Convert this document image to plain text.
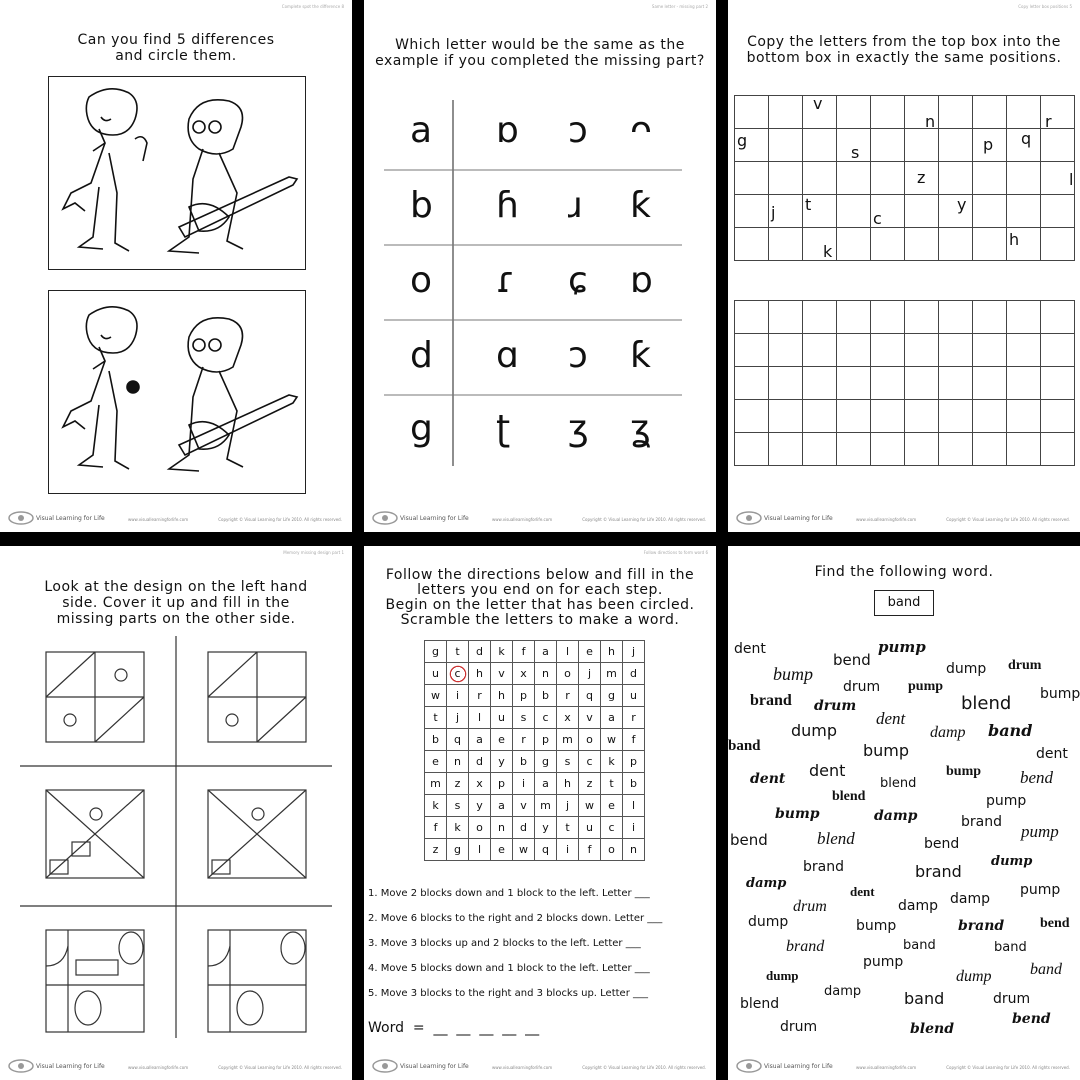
Complete spot the difference 8
Can you find 5 differences
and circle them.
Visual Learning for Life	www.visuallearningforlife.com	Copyright © Visual Learning for Life 2010. All rights reserved.
Same letter - missing part 2
Which letter would be the same as the
example if you completed the missing part?
a ɒ ɔ ᴖ
b ɦ ɹ ƙ
o ɾ ɕ ɒ
d ɑ ɔ ƙ
g ʈ ʒ ʓ
Visual Learning for Life	www.visuallearningforlife.com	Copyright © Visual Learning for Life 2010. All rights reserved.
Copy letter box positions 5
Copy the letters from the top box into the
bottom box in exactly the same positions.

		v			n				r

g			s				p	q	

					z				l

	j	t		c		y			

		k						h	

Visual Learning for Life	www.visuallearningforlife.com	Copyright © Visual Learning for Life 2010. All rights reserved.
Memory missing design part 1
Look at the design on the left hand
side. Cover it up and fill in the
missing parts on the other side.
Visual Learning for Life	www.visuallearningforlife.com	Copyright © Visual Learning for Life 2010. All rights reserved.
Follow directions to form word 6
Follow the directions below and fill in the
letters you end on for each step.
Begin on the letter that has been circled.
Scramble the letters to make a word.
g	t	d	k	f	a	l	e	h	j
u	c	h	v	x	n	o	j	m	d
w	i	r	h	p	b	r	q	g	u
t	j	l	u	s	c	x	v	a	r
b	q	a	e	r	p	m	o	w	f
e	n	d	y	b	g	s	c	k	p
m	z	x	p	i	a	h	z	t	b
k	s	y	a	v	m	j	w	e	l
f	k	o	n	d	y	t	u	c	i
z	g	l	e	w	q	i	f	o	n
1. Move 2 blocks down and 1 block to the left. Letter ___
2. Move 6 blocks to the right and 2 blocks down. Letter ___
3. Move 3 blocks up and 2 blocks to the left. Letter ___
4. Move 5 blocks down and 1 block to the left. Letter ___
5. Move 3 blocks to the right and 3 blocks up. Letter ___
Word  =  __  __  __  __  __
Visual Learning for Life	www.visuallearningforlife.com	Copyright © Visual Learning for Life 2010. All rights reserved.
Find the following word.
band
dent
bend
pump
bump	dump drum
drum pump	bump
brand drum	blend
dent
dump	damp band
band	bump	dent
dent dent
blend
bump bend
blend	pump
bump	damp	brand pump
bend	blend	bend
brand	brand
dump
damp
dent	damp
pump
drum	damp
dump	bump	brand	bend
brand	band	band
pump
dump	dump band
damp	band	drum
blend
drum	blend
bend
Visual Learning for Life	www.visuallearningforlife.com	Copyright © Visual Learning for Life 2010. All rights reserved.
